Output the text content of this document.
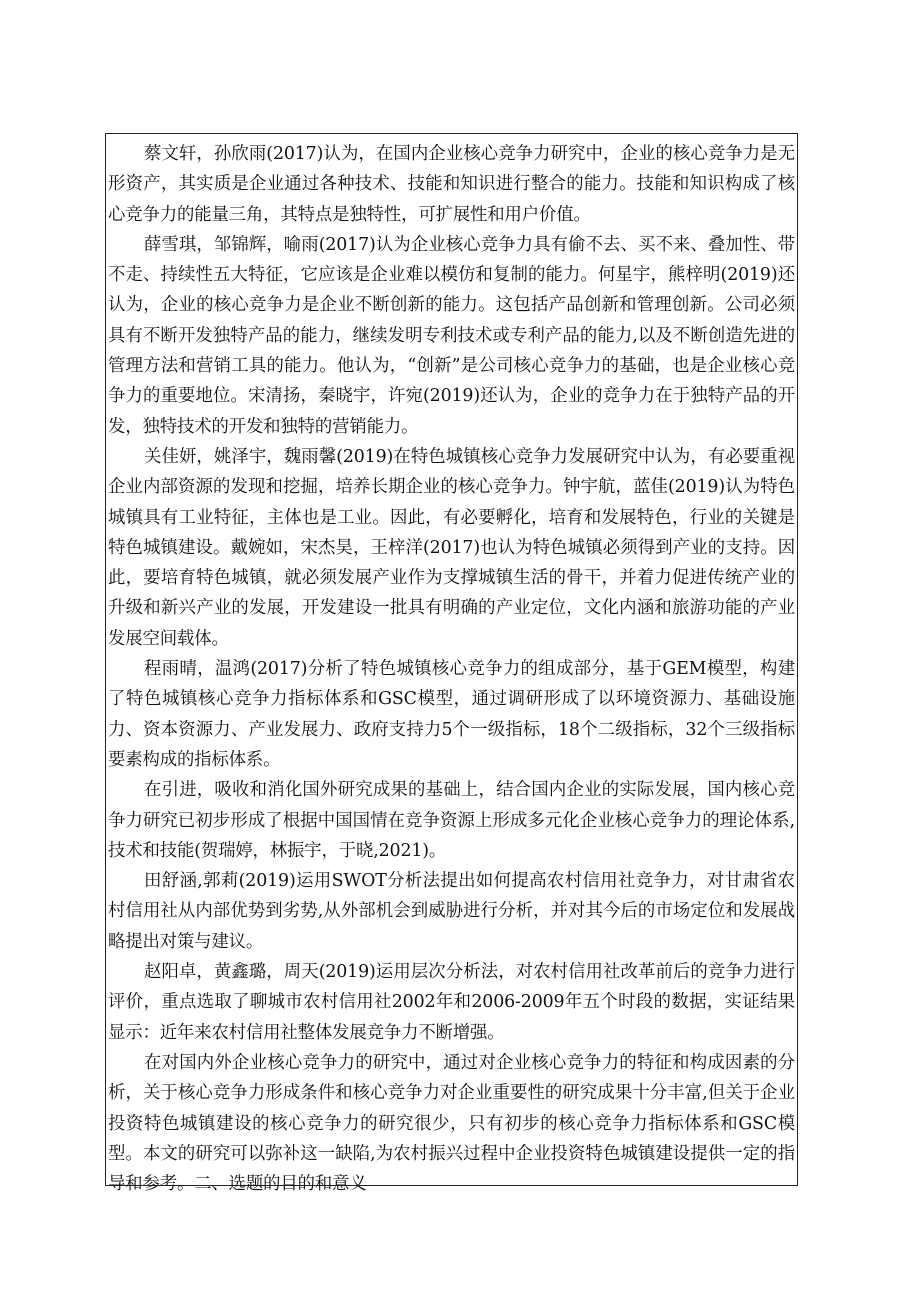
蔡文轩，孙欣雨(2017)认为，在国内企业核心竞争力研究中，企业的核心竞争力是无形资产，其实质是企业通过各种技术、技能和知识进行整合的能力。技能和知识构成了核心竞争力的能量三角，其特点是独特性，可扩展性和用户价值。

薛雪琪，邹锦辉，喻雨(2017)认为企业核心竞争力具有偷不去、买不来、叠加性、带不走、持续性五大特征，它应该是企业难以模仿和复制的能力。何星宇，熊梓明(2019)还认为，企业的核心竞争力是企业不断创新的能力。这包括产品创新和管理创新。公司必须具有不断开发独特产品的能力，继续发明专利技术或专利产品的能力,以及不断创造先进的管理方法和营销工具的能力。他认为，“创新”是公司核心竞争力的基础，也是企业核心竞争力的重要地位。宋清扬，秦晓宇，许宛(2019)还认为，企业的竞争力在于独特产品的开发，独特技术的开发和独特的营销能力。

关佳妍，姚泽宇，魏雨馨(2019)在特色城镇核心竞争力发展研究中认为，有必要重视企业内部资源的发现和挖掘，培养长期企业的核心竞争力。钟宇航，蓝佳(2019)认为特色城镇具有工业特征，主体也是工业。因此，有必要孵化，培育和发展特色，行业的关键是特色城镇建设。戴婉如，宋杰昊，王梓洋(2017)也认为特色城镇必须得到产业的支持。因此，要培育特色城镇，就必须发展产业作为支撑城镇生活的骨干，并着力促进传统产业的升级和新兴产业的发展，开发建设一批具有明确的产业定位，文化内涵和旅游功能的产业发展空间载体。

程雨晴，温鸿(2017)分析了特色城镇核心竞争力的组成部分，基于GEM模型，构建了特色城镇核心竞争力指标体系和GSC模型，通过调研形成了以环境资源力、基础设施力、资本资源力、产业发展力、政府支持力5个一级指标，18个二级指标，32个三级指标要素构成的指标体系。

在引进，吸收和消化国外研究成果的基础上，结合国内企业的实际发展，国内核心竞争力研究已初步形成了根据中国国情在竞争资源上形成多元化企业核心竞争力的理论体系,技术和技能(贺瑞婷，林振宇，于晓,2021)。

田舒涵,郭莉(2019)运用SWOT分析法提出如何提高农村信用社竞争力，对甘肃省农村信用社从内部优势到劣势,从外部机会到威胁进行分析，并对其今后的市场定位和发展战略提出对策与建议。

赵阳卓，黄鑫璐，周天(2019)运用层次分析法，对农村信用社改革前后的竞争力进行评价，重点选取了聊城市农村信用社2002年和2006-2009年五个时段的数据，实证结果显示：近年来农村信用社整体发展竞争力不断增强。

在对国内外企业核心竞争力的研究中，通过对企业核心竞争力的特征和构成因素的分析，关于核心竞争力形成条件和核心竞争力对企业重要性的研究成果十分丰富,但关于企业投资特色城镇建设的核心竞争力的研究很少，只有初步的核心竞争力指标体系和GSC模型。本文的研究可以弥补这一缺陷,为农村振兴过程中企业投资特色城镇建设提供一定的指导和参考。二、选题的目的和意义
